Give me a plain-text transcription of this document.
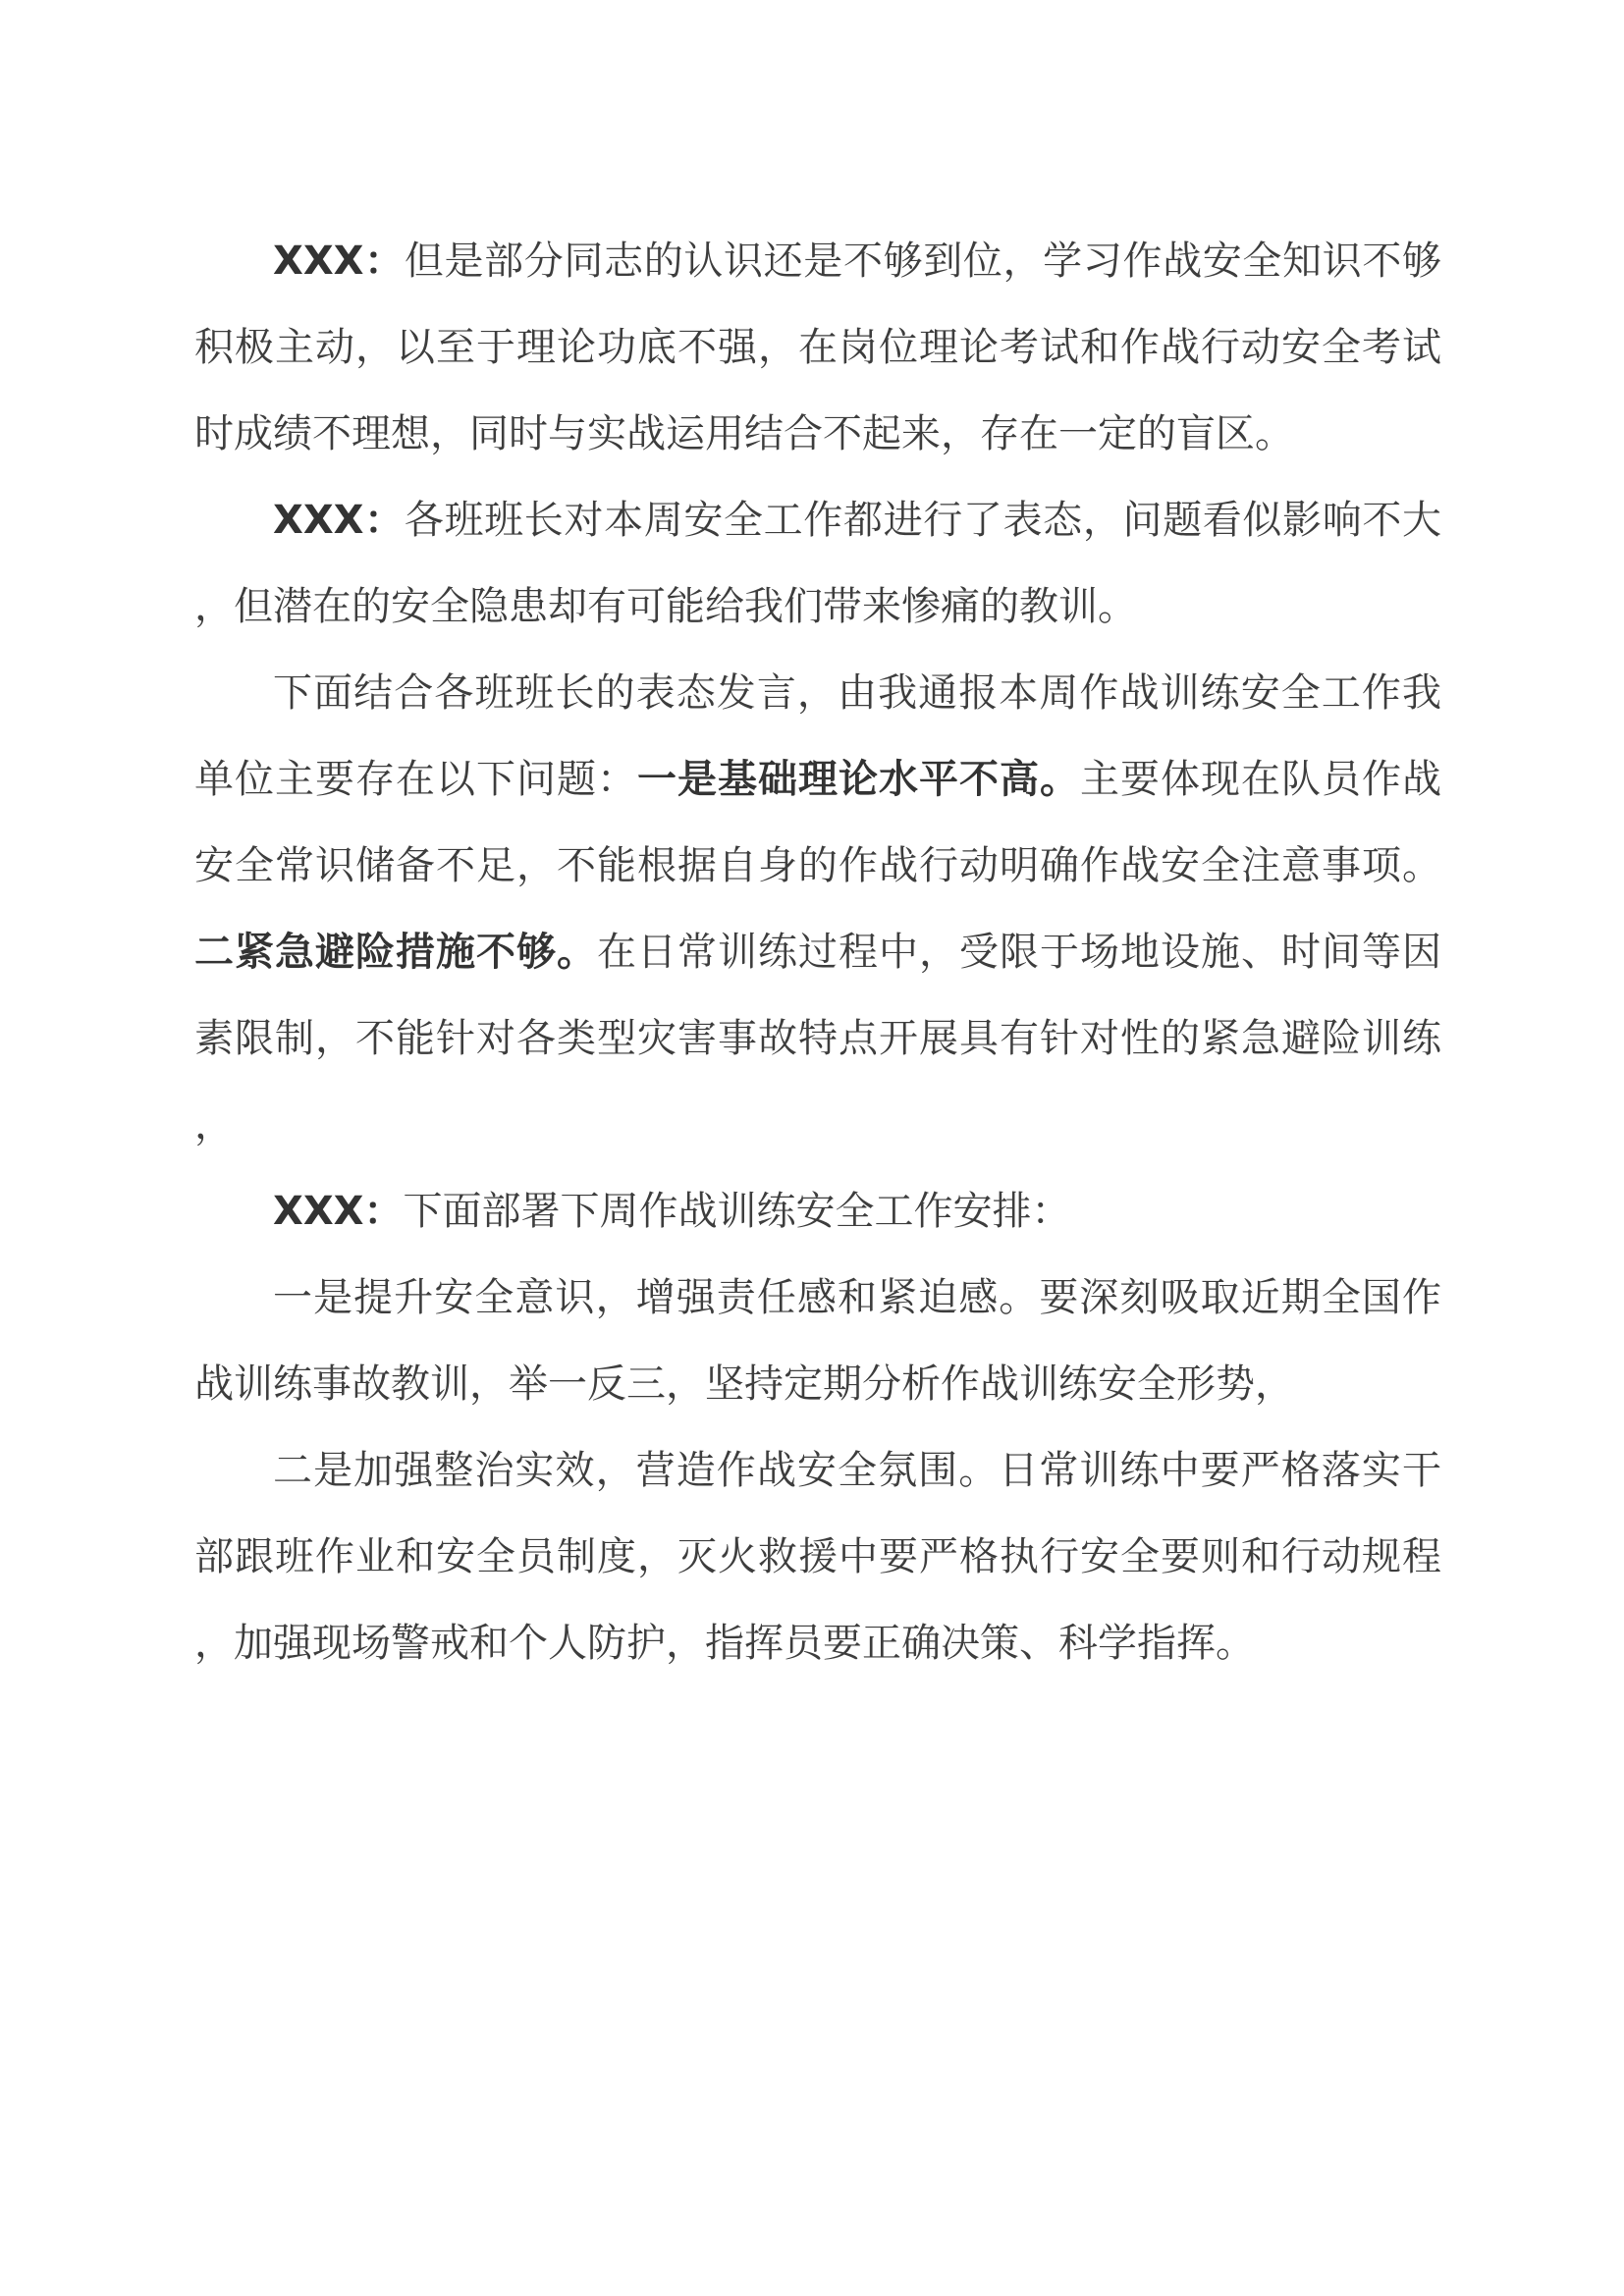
XXX：但是部分同志的认识还是不够到位，学习作战安全知识不够积极主动，以至于理论功底不强，在岗位理论考试和作战行动安全考试时成绩不理想，同时与实战运用结合不起来，存在一定的盲区。

XXX：各班班长对本周安全工作都进行了表态，问题看似影响不大，但潜在的安全隐患却有可能给我们带来惨痛的教训。

下面结合各班班长的表态发言，由我通报本周作战训练安全工作我单位主要存在以下问题：一是基础理论水平不高。主要体现在队员作战安全常识储备不足，不能根据自身的作战行动明确作战安全注意事项。二紧急避险措施不够。在日常训练过程中，受限于场地设施、时间等因素限制，不能针对各类型灾害事故特点开展具有针对性的紧急避险训练，

XXX：下面部署下周作战训练安全工作安排：

一是提升安全意识，增强责任感和紧迫感。要深刻吸取近期全国作战训练事故教训，举一反三，坚持定期分析作战训练安全形势，

二是加强整治实效，营造作战安全氛围。日常训练中要严格落实干部跟班作业和安全员制度，灭火救援中要严格执行安全要则和行动规程，加强现场警戒和个人防护，指挥员要正确决策、科学指挥。
